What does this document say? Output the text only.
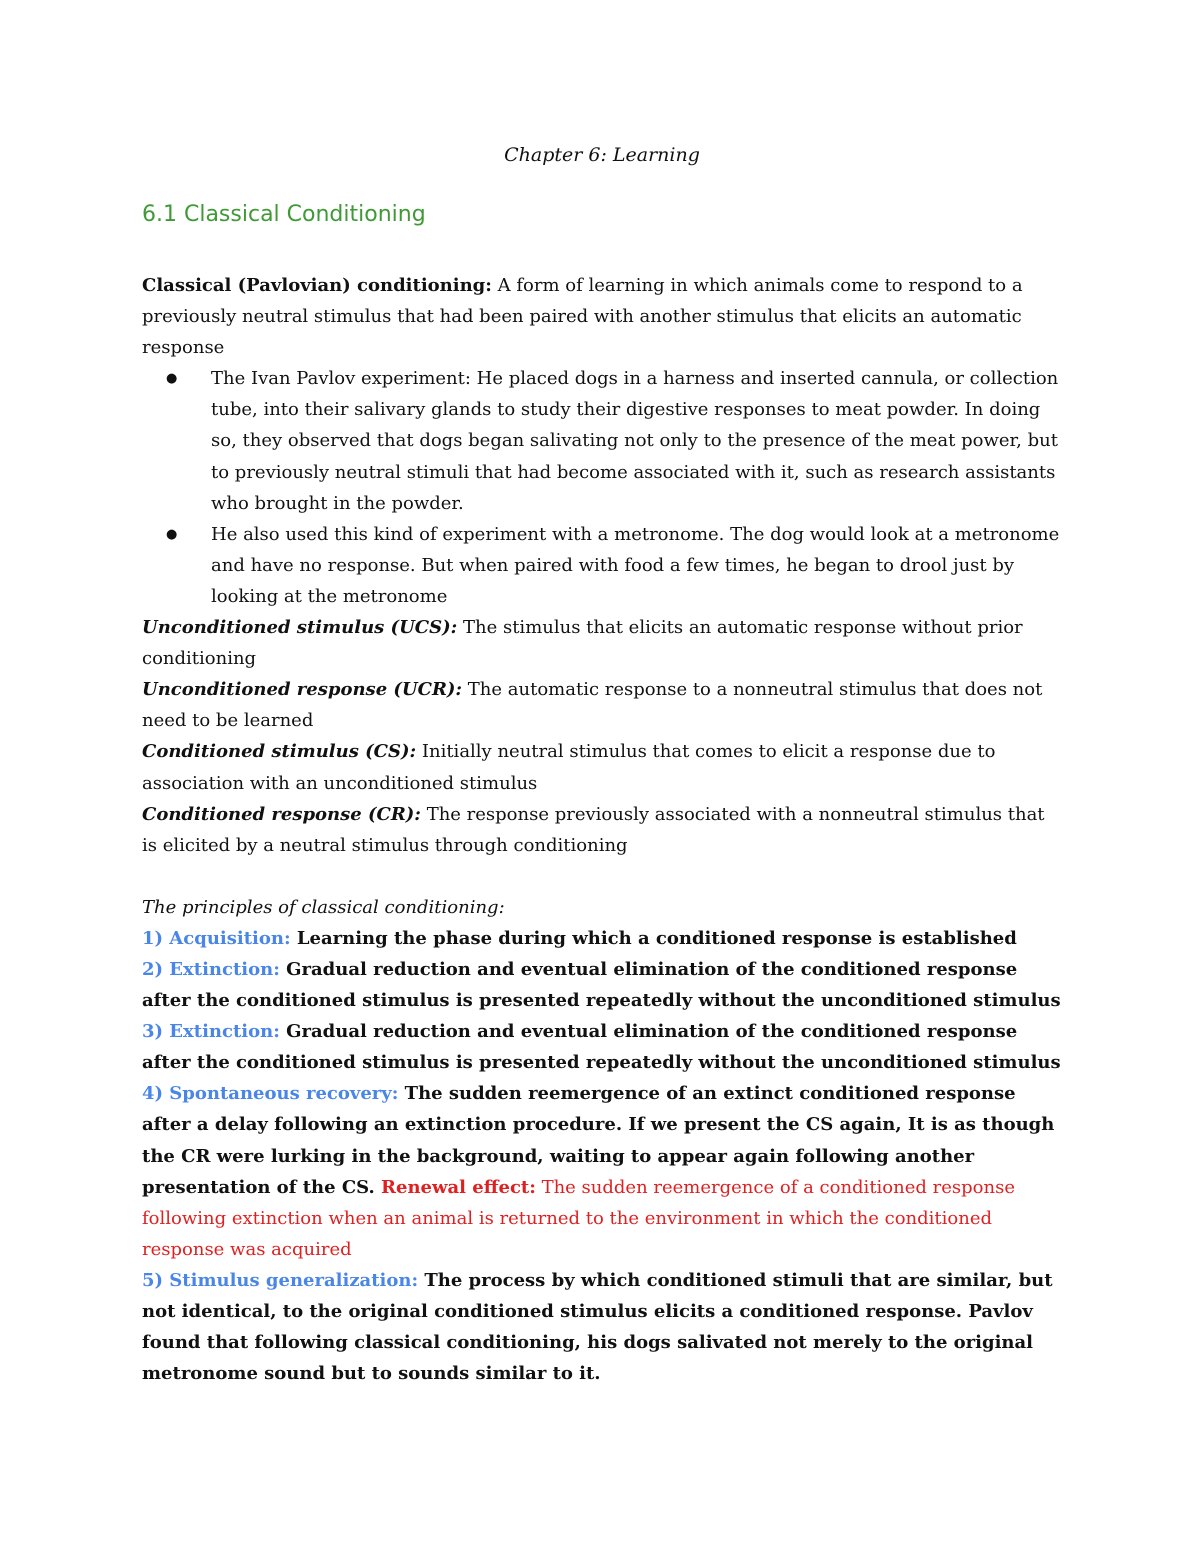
Chapter 6: Learning

6.1 Classical Conditioning

Classical (Pavlovian) conditioning: A form of learning in which animals come to respond to a previously neutral stimulus that had been paired with another stimulus that elicits an automatic response

● The Ivan Pavlov experiment: He placed dogs in a harness and inserted cannula, or collection tube, into their salivary glands to study their digestive responses to meat powder. In doing so, they observed that dogs began salivating not only to the presence of the meat power, but to previously neutral stimuli that had become associated with it, such as research assistants who brought in the powder.
● He also used this kind of experiment with a metronome. The dog would look at a metronome and have no response. But when paired with food a few times, he began to drool just by looking at the metronome

Unconditioned stimulus (UCS): The stimulus that elicits an automatic response without prior conditioning

Unconditioned response (UCR): The automatic response to a nonneutral stimulus that does not need to be learned

Conditioned stimulus (CS): Initially neutral stimulus that comes to elicit a response due to association with an unconditioned stimulus

Conditioned response (CR): The response previously associated with a nonneutral stimulus that is elicited by a neutral stimulus through conditioning

The principles of classical conditioning:

1) Acquisition: Learning the phase during which a conditioned response is established

2) Extinction: Gradual reduction and eventual elimination of the conditioned response after the conditioned stimulus is presented repeatedly without the unconditioned stimulus

3) Extinction: Gradual reduction and eventual elimination of the conditioned response after the conditioned stimulus is presented repeatedly without the unconditioned stimulus

4) Spontaneous recovery: The sudden reemergence of an extinct conditioned response after a delay following an extinction procedure. If we present the CS again, It is as though the CR were lurking in the background, waiting to appear again following another presentation of the CS. Renewal effect: The sudden reemergence of a conditioned response following extinction when an animal is returned to the environment in which the conditioned response was acquired

5) Stimulus generalization: The process by which conditioned stimuli that are similar, but not identical, to the original conditioned stimulus elicits a conditioned response. Pavlov found that following classical conditioning, his dogs salivated not merely to the original metronome sound but to sounds similar to it.
